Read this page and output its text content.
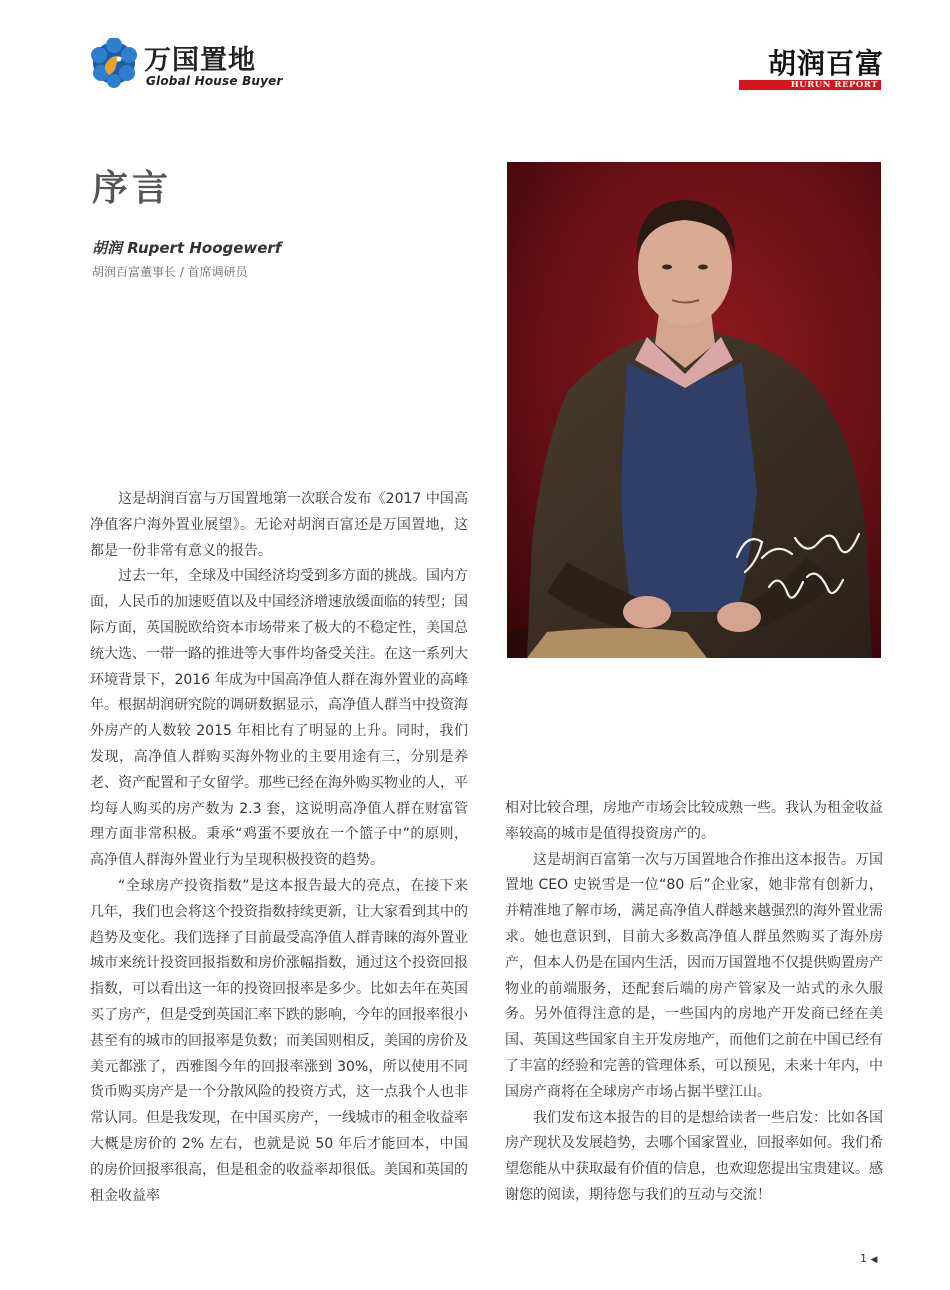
万国置地
Global House Buyer
胡润百富
HURUN REPORT
序言
胡润 Rupert Hoogewerf
胡润百富董事长 / 首席调研员

这是胡润百富与万国置地第一次联合发布《2017 中国高净值客户海外置业展望》。无论对胡润百富还是万国置地，这都是一份非常有意义的报告。

过去一年，全球及中国经济均受到多方面的挑战。国内方面，人民币的加速贬值以及中国经济增速放缓面临的转型；国际方面，英国脱欧给资本市场带来了极大的不稳定性，美国总统大选、一带一路的推进等大事件均备受关注。在这一系列大环境背景下，2016 年成为中国高净值人群在海外置业的高峰年。根据胡润研究院的调研数据显示，高净值人群当中投资海外房产的人数较 2015 年相比有了明显的上升。同时，我们发现，高净值人群购买海外物业的主要用途有三，分别是养老、资产配置和子女留学。那些已经在海外购买物业的人，平均每人购买的房产数为 2.3 套，这说明高净值人群在财富管理方面非常积极。秉承“鸡蛋不要放在一个篮子中”的原则，高净值人群海外置业行为呈现积极投资的趋势。

“全球房产投资指数”是这本报告最大的亮点，在接下来几年，我们也会将这个投资指数持续更新，让大家看到其中的趋势及变化。我们选择了目前最受高净值人群青睐的海外置业城市来统计投资回报指数和房价涨幅指数，通过这个投资回报指数，可以看出这一年的投资回报率是多少。比如去年在英国买了房产，但是受到英国汇率下跌的影响，今年的回报率很小甚至有的城市的回报率是负数；而美国则相反，美国的房价及美元都涨了，西雅图今年的回报率涨到 30%，所以使用不同货币购买房产是一个分散风险的投资方式，这一点我个人也非常认同。但是我发现，在中国买房产，一线城市的租金收益率大概是房价的 2% 左右，也就是说 50 年后才能回本，中国的房价回报率很高，但是租金的收益率却很低。美国和英国的租金收益率

相对比较合理，房地产市场会比较成熟一些。我认为租金收益率较高的城市是值得投资房产的。

这是胡润百富第一次与万国置地合作推出这本报告。万国置地 CEO 史锐雪是一位“80 后”企业家，她非常有创新力，并精准地了解市场，满足高净值人群越来越强烈的海外置业需求。她也意识到，目前大多数高净值人群虽然购买了海外房产，但本人仍是在国内生活，因而万国置地不仅提供购置房产物业的前端服务，还配套后端的房产管家及一站式的永久服务。另外值得注意的是，一些国内的房地产开发商已经在美国、英国这些国家自主开发房地产，而他们之前在中国已经有了丰富的经验和完善的管理体系，可以预见，未来十年内，中国房产商将在全球房产市场占据半壁江山。

我们发布这本报告的目的是想给读者一些启发：比如各国房产现状及发展趋势，去哪个国家置业，回报率如何。我们希望您能从中获取最有价值的信息，也欢迎您提出宝贵建议。感谢您的阅读，期待您与我们的互动与交流！

1 ◀
